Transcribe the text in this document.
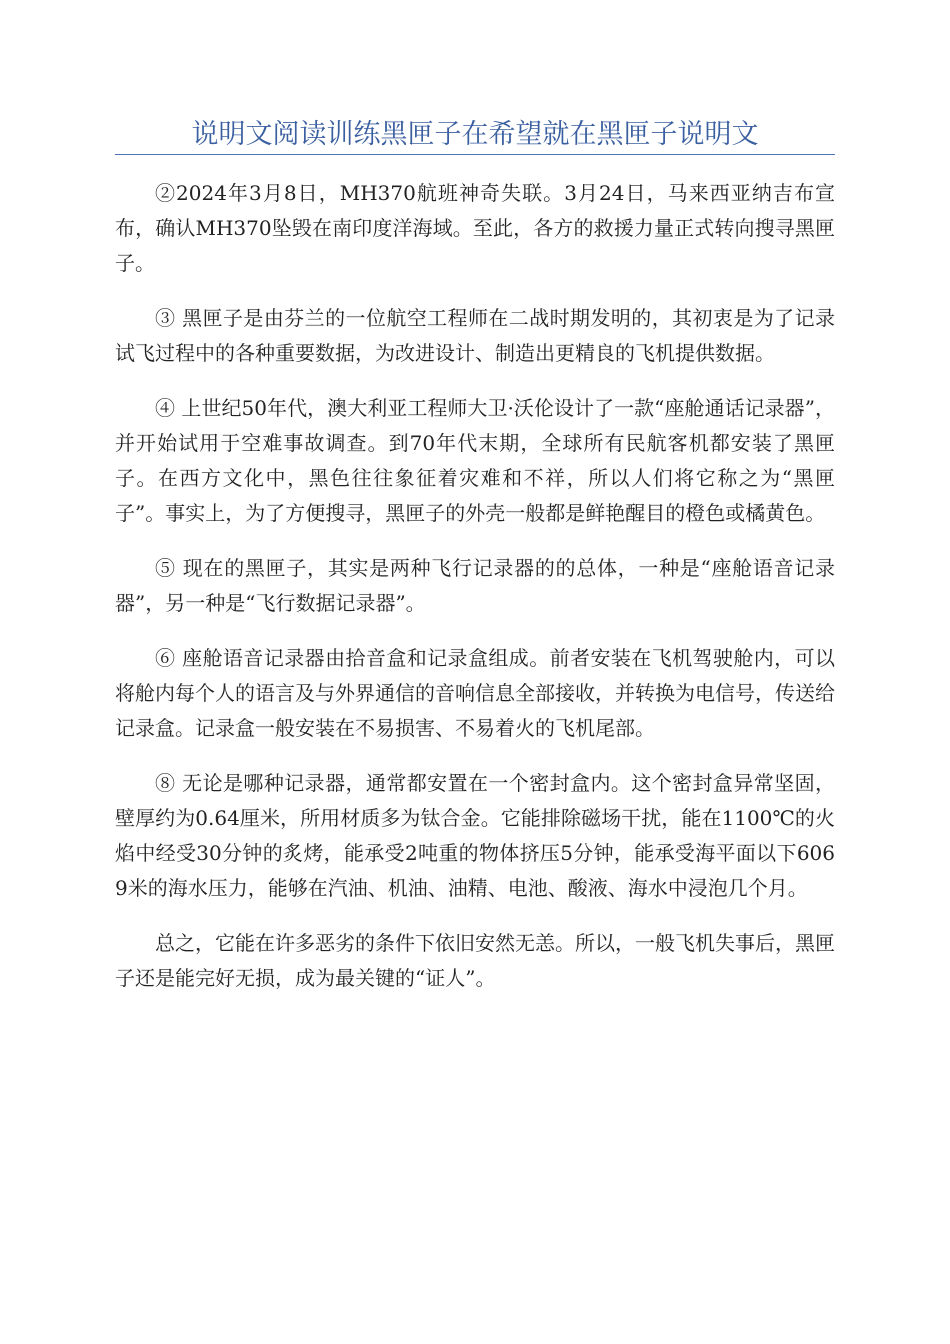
说明文阅读训练黑匣子在希望就在黑匣子说明文

②2024年3月8日，MH370航班神奇失联。3月24日，马来西亚纳吉布宣布，确认MH370坠毁在南印度洋海域。至此，各方的救援力量正式转向搜寻黑匣子。

③ 黑匣子是由芬兰的一位航空工程师在二战时期发明的，其初衷是为了记录试飞过程中的各种重要数据，为改进设计、制造出更精良的飞机提供数据。

④ 上世纪50年代，澳大利亚工程师大卫·沃伦设计了一款“座舱通话记录器”，并开始试用于空难事故调查。到70年代末期，全球所有民航客机都安装了黑匣子。在西方文化中，黑色往往象征着灾难和不祥，所以人们将它称之为“黑匣子”。事实上，为了方便搜寻，黑匣子的外壳一般都是鲜艳醒目的橙色或橘黄色。

⑤ 现在的黑匣子，其实是两种飞行记录器的的总体，一种是“座舱语音记录器”，另一种是“飞行数据记录器”。

⑥ 座舱语音记录器由拾音盒和记录盒组成。前者安装在飞机驾驶舱内，可以将舱内每个人的语言及与外界通信的音响信息全部接收，并转换为电信号，传送给记录盒。记录盒一般安装在不易损害、不易着火的飞机尾部。

⑧ 无论是哪种记录器，通常都安置在一个密封盒内。这个密封盒异常坚固，壁厚约为0.64厘米，所用材质多为钛合金。它能排除磁场干扰，能在1100℃的火焰中经受30分钟的炙烤，能承受2吨重的物体挤压5分钟，能承受海平面以下6069米的海水压力，能够在汽油、机油、油精、电池、酸液、海水中浸泡几个月。

总之，它能在许多恶劣的条件下依旧安然无恙。所以，一般飞机失事后，黑匣子还是能完好无损，成为最关键的“证人”。
